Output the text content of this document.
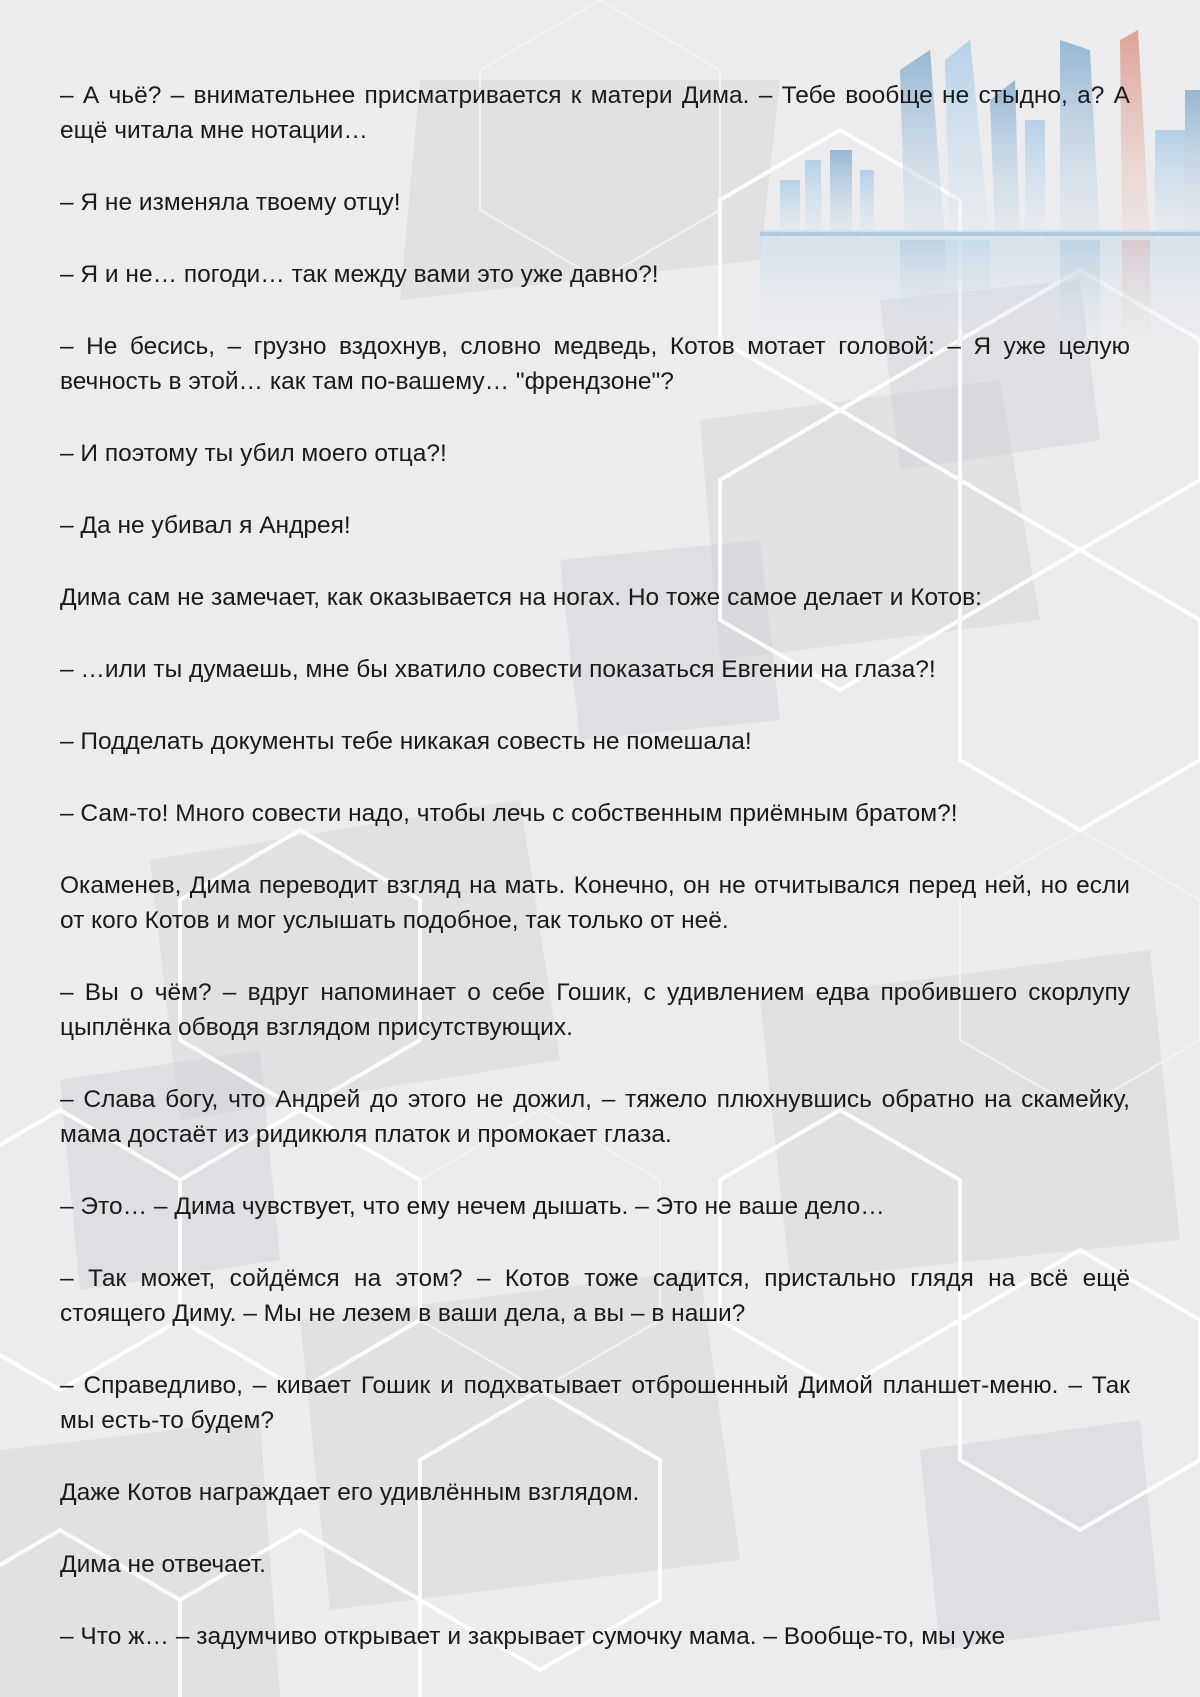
– А чьё? – внимательнее присматривается к матери Дима. – Тебе вообще не стыдно, а? А ещё читала мне нотации…

– Я не изменяла твоему отцу!

– Я и не… погоди… так между вами это уже давно?!

– Не бесись, – грузно вздохнув, словно медведь, Котов мотает головой: – Я уже целую вечность в этой… как там по-вашему… "френдзоне"?

– И поэтому ты убил моего отца?!

– Да не убивал я Андрея!

Дима сам не замечает, как оказывается на ногах. Но тоже самое делает и Котов:

– …или ты думаешь, мне бы хватило совести показаться Евгении на глаза?!

– Подделать документы тебе никакая совесть не помешала!

– Сам-то! Много совести надо, чтобы лечь с собственным приёмным братом?!

Окаменев, Дима переводит взгляд на мать. Конечно, он не отчитывался перед ней, но если от кого Котов и мог услышать подобное, так только от неё.

– Вы о чём? – вдруг напоминает о себе Гошик, с удивлением едва пробившего скорлупу цыплёнка обводя взглядом присутствующих.

– Слава богу, что Андрей до этого не дожил, – тяжело плюхнувшись обратно на скамейку, мама достаёт из ридикюля платок и промокает глаза.

– Это… – Дима чувствует, что ему нечем дышать. – Это не ваше дело…

– Так может, сойдёмся на этом? – Котов тоже садится, пристально глядя на всё ещё стоящего Диму. – Мы не лезем в ваши дела, а вы – в наши?

– Справедливо, – кивает Гошик и подхватывает отброшенный Димой планшет-меню. – Так мы есть-то будем?

Даже Котов награждает его удивлённым взглядом.

Дима не отвечает.

– Что ж… – задумчиво открывает и закрывает сумочку мама. – Вообще-то, мы уже
